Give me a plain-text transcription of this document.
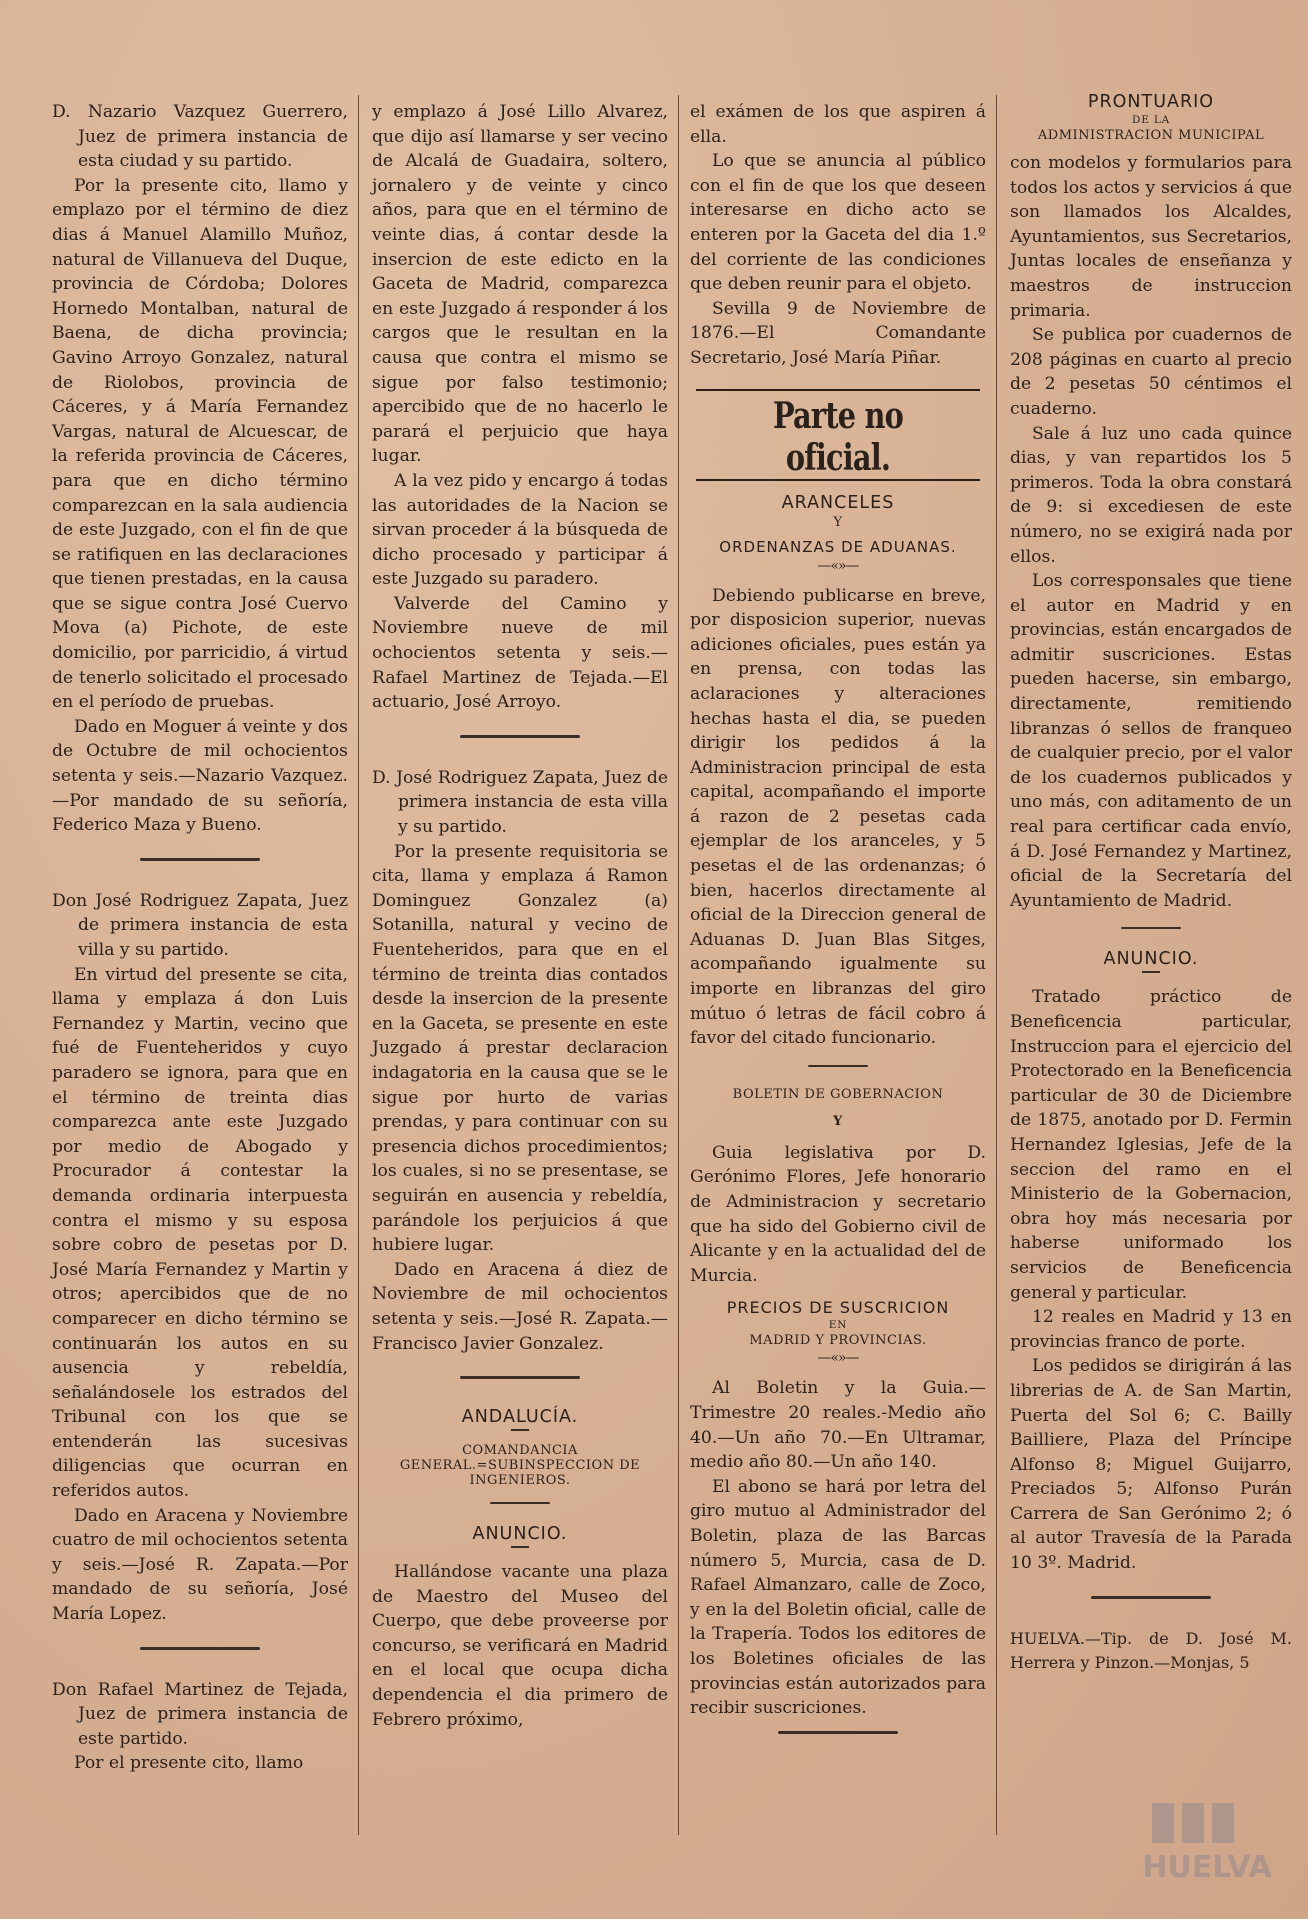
D. Nazario Vazquez Guerrero, Juez de primera instancia de esta ciudad y su partido.

Por la presente cito, llamo y emplazo por el término de diez dias á Manuel Alamillo Muñoz, natural de Villanueva del Duque, provincia de Córdoba; Dolores Hornedo Montalban, natural de Baena, de dicha provincia; Gavino Arroyo Gonzalez, natural de Riolobos, provincia de Cáceres, y á María Fernandez Vargas, natural de Alcuescar, de la referida provincia de Cáceres, para que en dicho término comparezcan en la sala audiencia de este Juzgado, con el fin de que se ratifiquen en las declaraciones que tienen prestadas, en la causa que se sigue contra José Cuervo Mova (a) Pichote, de este domicilio, por parricidio, á virtud de tenerlo solicitado el procesado en el período de pruebas.

Dado en Moguer á veinte y dos de Octubre de mil ochocientos setenta y seis.—Nazario Vazquez.—Por mandado de su señoría, Federico Maza y Bueno.

Don José Rodriguez Zapata, Juez de primera instancia de esta villa y su partido.

En virtud del presente se cita, llama y emplaza á don Luis Fernandez y Martin, vecino que fué de Fuenteheridos y cuyo paradero se ignora, para que en el término de treinta dias comparezca ante este Juzgado por medio de Abogado y Procurador á contestar la demanda ordinaria interpuesta contra el mismo y su esposa sobre cobro de pesetas por D. José María Fernandez y Martin y otros; apercibidos que de no comparecer en dicho término se continuarán los autos en su ausencia y rebeldía, señalándosele los estrados del Tribunal con los que se entenderán las sucesivas diligencias que ocurran en referidos autos.

Dado en Aracena y Noviembre cuatro de mil ochocientos setenta y seis.—José R. Zapata.—Por mandado de su señoría, José María Lopez.

Don Rafael Martinez de Tejada, Juez de primera instancia de este partido.

Por el presente cito, llamo

y emplazo á José Lillo Alvarez, que dijo así llamarse y ser vecino de Alcalá de Guadaira, soltero, jornalero y de veinte y cinco años, para que en el término de veinte dias, á contar desde la insercion de este edicto en la Gaceta de Madrid, comparezca en este Juzgado á responder á los cargos que le resultan en la causa que contra el mismo se sigue por falso testimonio; apercibido que de no hacerlo le parará el perjuicio que haya lugar.

A la vez pido y encargo á todas las autoridades de la Nacion se sirvan proceder á la búsqueda de dicho procesado y participar á este Juzgado su paradero.

Valverde del Camino y Noviembre nueve de mil ochocientos setenta y seis.—Rafael Martinez de Tejada.—El actuario, José Arroyo.

D. José Rodriguez Zapata, Juez de primera instancia de esta villa y su partido.

Por la presente requisitoria se cita, llama y emplaza á Ramon Dominguez Gonzalez (a) Sotanilla, natural y vecino de Fuenteheridos, para que en el término de treinta dias contados desde la insercion de la presente en la Gaceta, se presente en este Juzgado á prestar declaracion indagatoria en la causa que se le sigue por hurto de varias prendas, y para continuar con su presencia dichos procedimientos; los cuales, si no se presentase, se seguirán en ausencia y rebeldía, parándole los perjuicios á que hubiere lugar.

Dado en Aracena á diez de Noviembre de mil ochocientos setenta y seis.—José R. Zapata.—Francisco Javier Gonzalez.

ANDALUCÍA.
COMANDANCIA GENERAL.=SUBINSPECCION DE INGENIEROS.
ANUNCIO.

Hallándose vacante una plaza de Maestro del Museo del Cuerpo, que debe proveerse por concurso, se verificará en Madrid en el local que ocupa dicha dependencia el dia primero de Febrero próximo,

el exámen de los que aspiren á ella.

Lo que se anuncia al público con el fin de que los que deseen interesarse en dicho acto se enteren por la Gaceta del dia 1.º del corriente de las condiciones que deben reunir para el objeto.

Sevilla 9 de Noviembre de 1876.—El Comandante Secretario, José María Piñar.

Parte no oficial.
ARANCELES
Y
ORDENANZAS DE ADUANAS.
—«»—

Debiendo publicarse en breve, por disposicion superior, nuevas adiciones oficiales, pues están ya en prensa, con todas las aclaraciones y alteraciones hechas hasta el dia, se pueden dirigir los pedidos á la Administracion principal de esta capital, acompañando el importe á razon de 2 pesetas cada ejemplar de los aranceles, y 5 pesetas el de las ordenanzas; ó bien, hacerlos directamente al oficial de la Direccion general de Aduanas D. Juan Blas Sitges, acompañando igualmente su importe en libranzas del giro mútuo ó letras de fácil cobro á favor del citado funcionario.

BOLETIN DE GOBERNACION
Y

Guia legislativa por D. Gerónimo Flores, Jefe honorario de Administracion y secretario que ha sido del Gobierno civil de Alicante y en la actualidad del de Murcia.

PRECIOS DE SUSCRICION
EN
MADRID Y PROVINCIAS.
—«»—

Al Boletin y la Guia.—Trimestre 20 reales.-Medio año 40.—Un año 70.—En Ultramar, medio año 80.—Un año 140.

El abono se hará por letra del giro mutuo al Administrador del Boletin, plaza de las Barcas número 5, Murcia, casa de D. Rafael Almanzaro, calle de Zoco, y en la del Boletin oficial, calle de la Trapería. Todos los editores de los Boletines oficiales de las provincias están autorizados para recibir suscriciones.

PRONTUARIO
DE LA
ADMINISTRACION MUNICIPAL

con modelos y formularios para todos los actos y servicios á que son llamados los Alcaldes, Ayuntamientos, sus Secretarios, Juntas locales de enseñanza y maestros de instruccion primaria.

Se publica por cuadernos de 208 páginas en cuarto al precio de 2 pesetas 50 céntimos el cuaderno.

Sale á luz uno cada quince dias, y van repartidos los 5 primeros. Toda la obra constará de 9: si excediesen de este número, no se exigirá nada por ellos.

Los corresponsales que tiene el autor en Madrid y en provincias, están encargados de admitir suscriciones. Estas pueden hacerse, sin embargo, directamente, remitiendo libranzas ó sellos de franqueo de cualquier precio, por el valor de los cuadernos publicados y uno más, con aditamento de un real para certificar cada envío, á D. José Fernandez y Martinez, oficial de la Secretaría del Ayuntamiento de Madrid.

ANUNCIO.

Tratado práctico de Beneficencia particular, Instruccion para el ejercicio del Protectorado en la Beneficencia particular de 30 de Diciembre de 1875, anotado por D. Fermin Hernandez Iglesias, Jefe de la seccion del ramo en el Ministerio de la Gobernacion, obra hoy más necesaria por haberse uniformado los servicios de Beneficencia general y particular.

12 reales en Madrid y 13 en provincias franco de porte.

Los pedidos se dirigirán á las librerias de A. de San Martin, Puerta del Sol 6; C. Bailly Bailliere, Plaza del Príncipe Alfonso 8; Miguel Guijarro, Preciados 5; Alfonso Purán Carrera de San Gerónimo 2; ó al autor Travesía de la Parada 10 3º. Madrid.

HUELVA.—Tip. de D. José M. Herrera y Pinzon.—Monjas, 5

HUELVA
